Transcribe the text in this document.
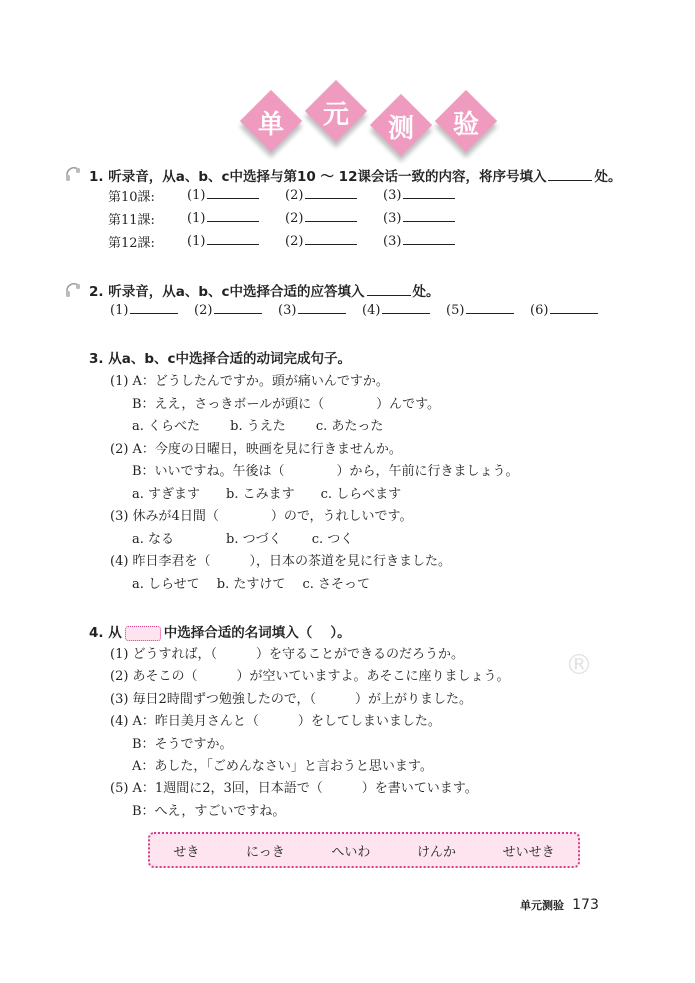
单	元	测	验
®
1. 听录音，从a、b、c中选择与第10 ～ 12课会话一致的内容，将序号填入	处。
第10課: (1)	(2)	(3)
第11課: (1)	(2)	(3)
第12課: (1)	(2)	(3)
2. 听录音，从a、b、c中选择合适的应答填入	处。
(1)	(2)	(3)	(4)	(5)	(6)
3. 从a、b、c中选择合适的动词完成句子。
(1) A：どうしたんですか。頭が痛いんですか。
B：ええ，さっきボールが頭に（　　　　）んです。
a. くらべた　　 b. うえた　　 c. あたった
(2) A：今度の日曜日，映画を見に行きませんか。
B：いいですね。午後は（　　　　）から，午前に行きましょう。
a. すぎます　　b. こみます　　c. しらべます
(3) 休みが4日間（　　　　）ので，うれしいです。
a. なる　　　　b. つづく　　 c. つく
(4) 昨日李君を（　　　），日本の茶道を見に行きました。
a. しらせて　 b. たすけて　 c. さそって
4. 从	中选择合适的名词填入（　 ）。
(1) どうすれば，（　　　）を守ることができるのだろうか。
(2) あそこの（　　　）が空いていますよ。あそこに座りましょう。
(3) 毎日2時間ずつ勉強したので，（　　　）が上がりました。
(4) A：昨日美月さんと（　　　）をしてしまいました。
B：そうですか。
A：あした，「ごめんなさい」と言おうと思います。
(5) A：1週間に2，3回，日本語で（　　　）を書いています。
B：へえ，すごいですね。
せき	にっき	へいわ	けんか	せいせき
单元测验 173
